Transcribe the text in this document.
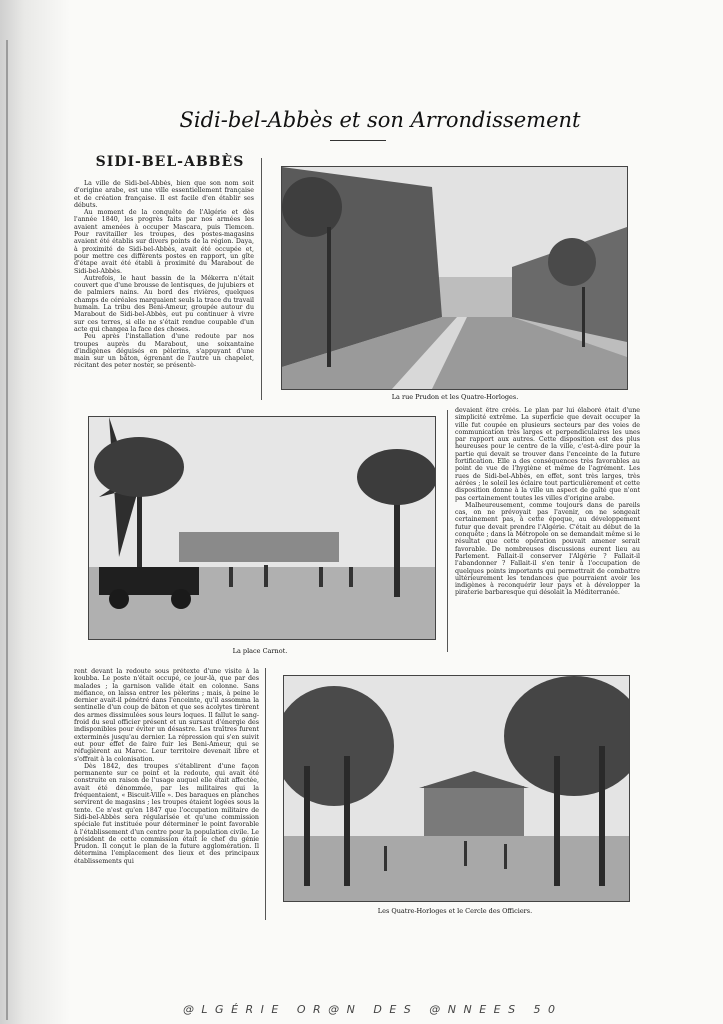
Sidi-bel-Abbès et son Arrondissement
SIDI-BEL-ABBÈS

La ville de Sidi-bel-Abbès, bien que son nom soit d'origine arabe, est une ville essentiellement française et de création française. Il est facile d'en établir ses débuts.

Au moment de la conquête de l'Algérie et dès l'année 1840, les progrès faits par nos armées les avaient amenées à occuper Mascara, puis Tlemcen. Pour ravitailler les troupes, des postes-magasins avaient été établis sur divers points de la région. Daya, à proximité de Sidi-bel-Abbès, avait été occupée et, pour mettre ces différents postes en rapport, un gîte d'étape avait été établi à proximité du Marabout de Sidi-bel-Abbès.

Autrefois, le haut bassin de la Mékerra n'était couvert que d'une brousse de lentisques, de jujubiers et de palmiers nains. Au bord des rivières, quelques champs de céréales marquaient seuls la trace du travail humain. La tribu des Beni-Ameur, groupée autour du Marabout de Sidi-bel-Abbès, eut pu continuer à vivre sur ces terres, si elle ne s'était rendue coupable d'un acte qui changea la face des choses.

Peu après l'installation d'une redoute par nos troupes auprès du Marabout, une soixantaine d'indigènes déguisés en pèlerins, s'appuyant d'une main sur un bâton, égrenant de l'autre un chapelet, récitant des peter noster, se présentè-

La rue Prudon et les Quatre-Horloges.
La place Carnot.

devaient être créés. Le plan par lui élaboré était d'une simplicité extrême. La superficie que devait occuper la ville fut coupée en plusieurs secteurs par des voies de communication très larges et perpendiculaires les unes par rapport aux autres. Cette disposition est des plus heureuses pour le centre de la ville, c'est-à-dire pour la partie qui devait se trouver dans l'enceinte de la future fortification. Elle a des conséquences très favorables au point de vue de l'hygiène et même de l'agrément. Les rues de Sidi-bel-Abbès, en effet, sont très larges, très aérées ; le soleil les éclaire tout particulièrement et cette disposition donne à la ville un aspect de gaîté que n'ont pas certainement toutes les villes d'origine arabe.

Malheureusement, comme toujours dans de pareils cas, on ne prévoyait pas l'avenir, on ne songeait certainement pas, à cette époque, au développement futur que devait prendre l'Algérie. C'était au début de la conquête ; dans la Métropole on se demandait même si le résultat que cette opération pouvait amener serait favorable. De nombreuses discussions eurent lieu au Parlement. Fallait-il conserver l'Algérie ? Fallait-il l'abandonner ? Fallait-il s'en tenir à l'occupation de quelques points importants qui permettrait de combattre ultérieurement les tendances que pourraient avoir les indigènes à reconquérir leur pays et à développer la piraterie barbaresque qui désolait la Méditerranée.

rent devant la redoute sous prétexte d'une visite à la koubba. Le poste n'était occupé, ce jour-là, que par des malades ; la garnison valide était en colonne. Sans méfiance, on laissa entrer les pèlerins ; mais, à peine le dernier avait-il pénétré dans l'enceinte, qu'il assomma la sentinelle d'un coup de bâton et que ses acolytes tirèrent des armes dissimulées sous leurs loques. Il fallut le sang-froid du seul officier présent et un sursaut d'énergie des indisponibles pour éviter un désastre. Les traîtres furent exterminés jusqu'au dernier. La répression qui s'en suivit eut pour effet de faire fuir les Beni-Ameur, qui se réfugièrent au Maroc. Leur territoire devenait libre et s'offrait à la colonisation.

Dès 1842, des troupes s'établirent d'une façon permanente sur ce point et la redoute, qui avait été construite en raison de l'usage auquel elle était affectée, avait été dénommée, par les militaires qui la fréquentaient, « Biscuit-Ville ». Des baraques en planches servirent de magasins ; les troupes étaient logées sous la tente. Ce n'est qu'en 1847 que l'occupation militaire de Sidi-bel-Abbès sera régularisée et qu'une commission spéciale fut instituée pour déterminer le point favorable à l'établissement d'un centre pour la population civile. Le président de cette commission était le chef du génie Prudon. Il conçut le plan de la future agglomération. Il détermina l'emplacement des lieux et des principaux établissements qui

Les Quatre-Horloges et le Cercle des Officiers.
@ L G É R I E   O R @ N   D E S   @ N N E E S   5 0
